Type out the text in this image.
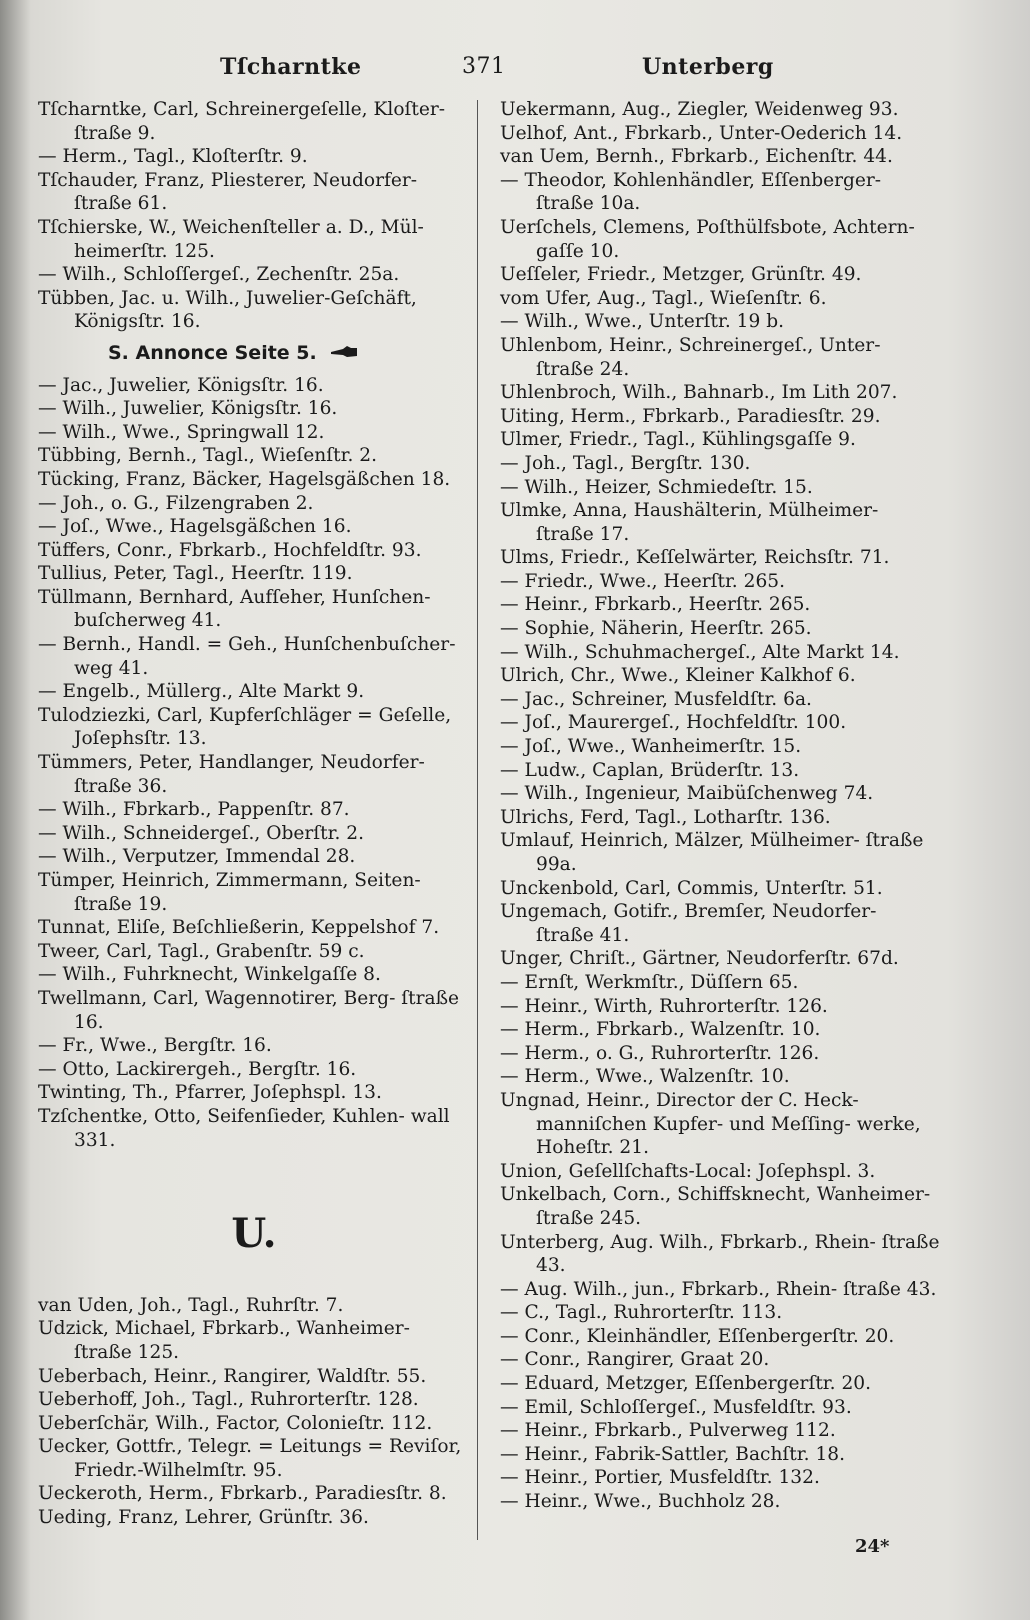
Tſcharntke	371	Unterberg

Tſcharntke, Carl, Schreinergeſelle, Kloſter- ſtraße 9.

— Herm., Tagl., Kloſterſtr. 9.

Tſchauder, Franz, Pliesterer, Neudorfer- ſtraße 61.

Tſchierske, W., Weichenſteller a. D., Mül- heimerſtr. 125.

— Wilh., Schloſſergeſ., Zechenſtr. 25a.

Tübben, Jac. u. Wilh., Juwelier-Geſchäft, Königsſtr. 16.

S. Annonce Seite 5.

— Jac., Juwelier, Königsſtr. 16.

— Wilh., Juwelier, Königsſtr. 16.

— Wilh., Wwe., Springwall 12.

Tübbing, Bernh., Tagl., Wieſenſtr. 2.

Tücking, Franz, Bäcker, Hagelsgäßchen 18.

— Joh., o. G., Filzengraben 2.

— Joſ., Wwe., Hagelsgäßchen 16.

Tüffers, Conr., Fbrkarb., Hochfeldſtr. 93.

Tullius, Peter, Tagl., Heerſtr. 119.

Tüllmann, Bernhard, Aufſeher, Hunſchen- buſcherweg 41.

— Bernh., Handl. = Geh., Hunſchenbuſcher- weg 41.

— Engelb., Müllerg., Alte Markt 9.

Tulodziezki, Carl, Kupferſchläger = Geſelle, Joſephsſtr. 13.

Tümmers, Peter, Handlanger, Neudorfer- ſtraße 36.

— Wilh., Fbrkarb., Pappenſtr. 87.

— Wilh., Schneidergeſ., Oberſtr. 2.

— Wilh., Verputzer, Immendal 28.

Tümper, Heinrich, Zimmermann, Seiten- ſtraße 19.

Tunnat, Eliſe, Beſchließerin, Keppelshof 7.

Tweer, Carl, Tagl., Grabenſtr. 59 c.

— Wilh., Fuhrknecht, Winkelgaſſe 8.

Twellmann, Carl, Wagennotirer, Berg- ſtraße 16.

— Fr., Wwe., Bergſtr. 16.

— Otto, Lackirergeh., Bergſtr. 16.

Twinting, Th., Pfarrer, Joſephspl. 13.

Tzſchentke, Otto, Seifenſieder, Kuhlen- wall 331.

U.

van Uden, Joh., Tagl., Ruhrſtr. 7.

Udzick, Michael, Fbrkarb., Wanheimer- ſtraße 125.

Ueberbach, Heinr., Rangirer, Waldſtr. 55.

Ueberhoff, Joh., Tagl., Ruhrorterſtr. 128.

Ueberſchär, Wilh., Factor, Colonieſtr. 112.

Uecker, Gottfr., Telegr. = Leitungs = Reviſor, Friedr.-Wilhelmſtr. 95.

Ueckeroth, Herm., Fbrkarb., Paradiesſtr. 8.

Ueding, Franz, Lehrer, Grünſtr. 36.

Uekermann, Aug., Ziegler, Weidenweg 93.

Uelhof, Ant., Fbrkarb., Unter-Oederich 14.

van Uem, Bernh., Fbrkarb., Eichenſtr. 44.

— Theodor, Kohlenhändler, Eſſenberger- ſtraße 10a.

Uerſchels, Clemens, Poſthülfsbote, Achtern- gaſſe 10.

Ueſſeler, Friedr., Metzger, Grünſtr. 49.

vom Ufer, Aug., Tagl., Wieſenſtr. 6.

— Wilh., Wwe., Unterſtr. 19 b.

Uhlenbom, Heinr., Schreinergeſ., Unter- ſtraße 24.

Uhlenbroch, Wilh., Bahnarb., Im Lith 207.

Uiting, Herm., Fbrkarb., Paradiesſtr. 29.

Ulmer, Friedr., Tagl., Kühlingsgaſſe 9.

— Joh., Tagl., Bergſtr. 130.

— Wilh., Heizer, Schmiedeſtr. 15.

Ulmke, Anna, Haushälterin, Mülheimer- ſtraße 17.

Ulms, Friedr., Keſſelwärter, Reichsſtr. 71.

— Friedr., Wwe., Heerſtr. 265.

— Heinr., Fbrkarb., Heerſtr. 265.

— Sophie, Näherin, Heerſtr. 265.

— Wilh., Schuhmachergeſ., Alte Markt 14.

Ulrich, Chr., Wwe., Kleiner Kalkhof 6.

— Jac., Schreiner, Musfeldſtr. 6a.

— Joſ., Maurergeſ., Hochfeldſtr. 100.

— Joſ., Wwe., Wanheimerſtr. 15.

— Ludw., Caplan, Brüderſtr. 13.

— Wilh., Ingenieur, Maibüſchenweg 74.

Ulrichs, Ferd, Tagl., Lotharſtr. 136.

Umlauf, Heinrich, Mälzer, Mülheimer- ſtraße 99a.

Unckenbold, Carl, Commis, Unterſtr. 51.

Ungemach, Gotifr., Bremſer, Neudorfer- ſtraße 41.

Unger, Chriſt., Gärtner, Neudorferſtr. 67d.

— Ernſt, Werkmſtr., Düſſern 65.

— Heinr., Wirth, Ruhrorterſtr. 126.

— Herm., Fbrkarb., Walzenſtr. 10.

— Herm., o. G., Ruhrorterſtr. 126.

— Herm., Wwe., Walzenſtr. 10.

Ungnad, Heinr., Director der C. Heck- manniſchen Kupfer- und Meſſing- werke, Hoheſtr. 21.

Union, Geſellſchafts-Local: Joſephspl. 3.

Unkelbach, Corn., Schiffsknecht, Wanheimer- ſtraße 245.

Unterberg, Aug. Wilh., Fbrkarb., Rhein- ſtraße 43.

— Aug. Wilh., jun., Fbrkarb., Rhein- ſtraße 43.

— C., Tagl., Ruhrorterſtr. 113.

— Conr., Kleinhändler, Eſſenbergerſtr. 20.

— Conr., Rangirer, Graat 20.

— Eduard, Metzger, Eſſenbergerſtr. 20.

— Emil, Schloſſergeſ., Musfeldſtr. 93.

— Heinr., Fbrkarb., Pulverweg 112.

— Heinr., Fabrik-Sattler, Bachſtr. 18.

— Heinr., Portier, Musfeldſtr. 132.

— Heinr., Wwe., Buchholz 28.

24*
